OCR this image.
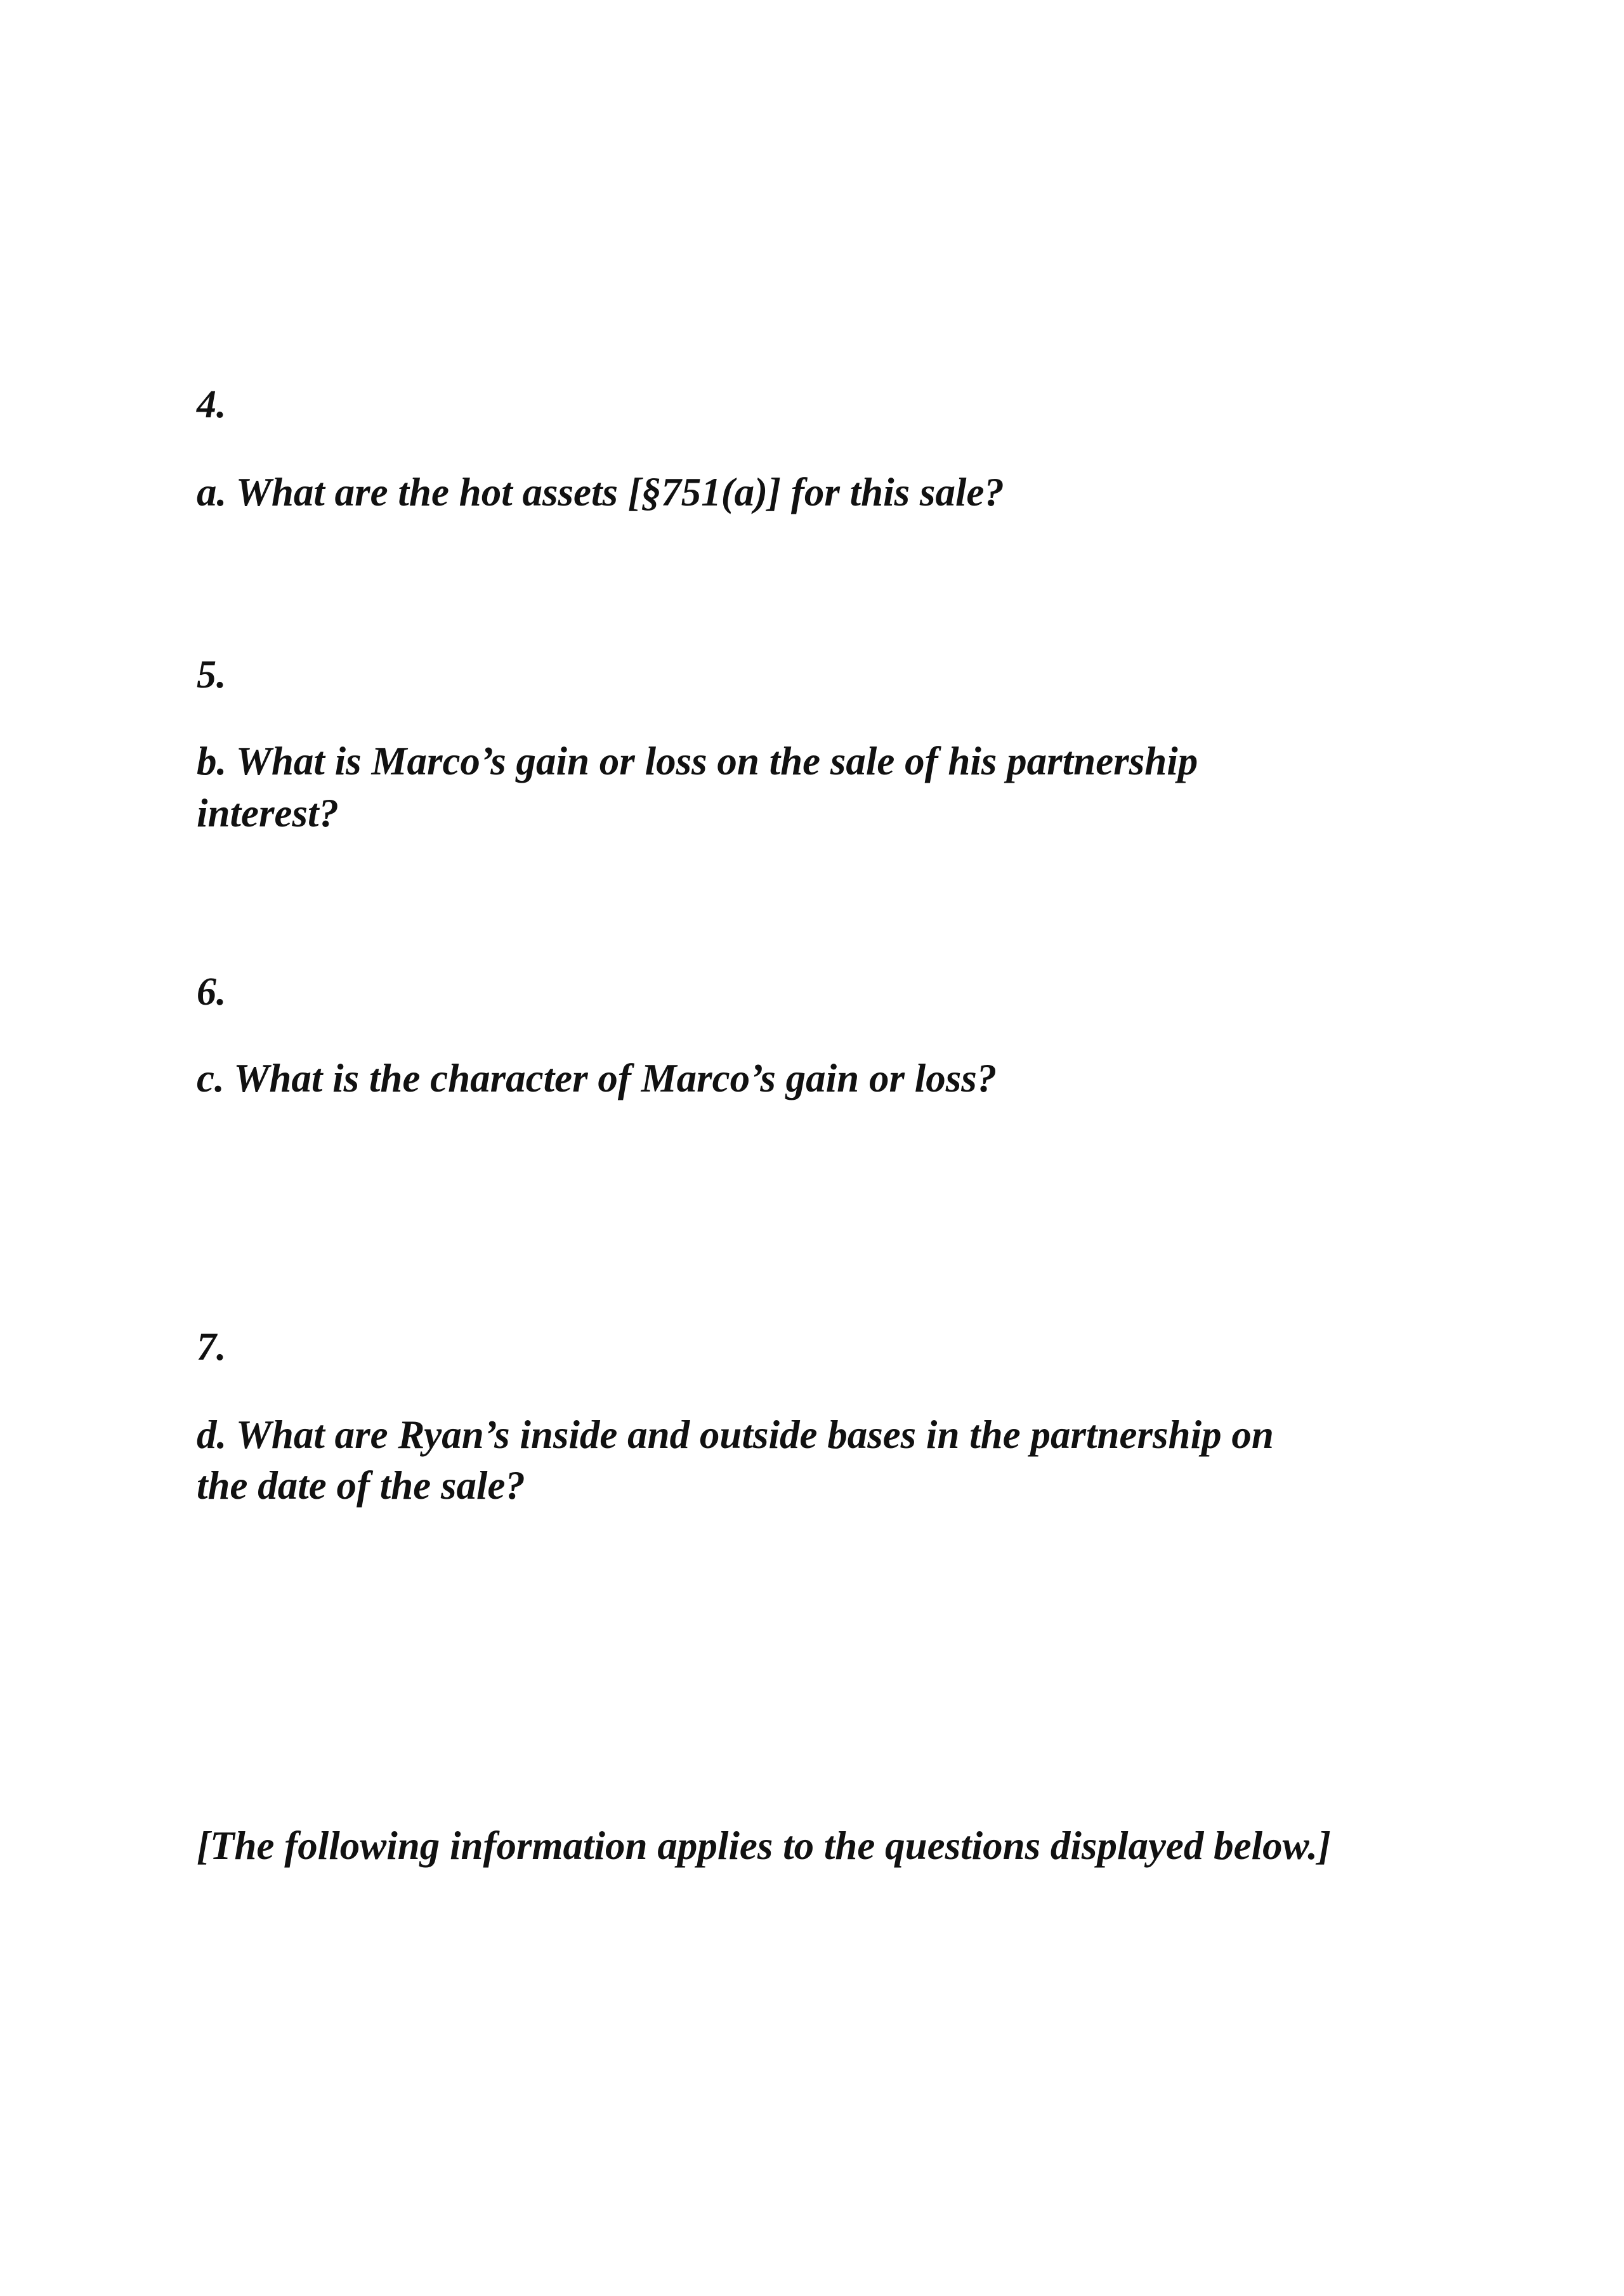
4.
a. What are the hot assets [§751(a)] for this sale?
5.
b. What is Marco’s gain or loss on the sale of his partnership
interest?
6.
c. What is the character of Marco’s gain or loss?
7.
d. What are Ryan’s inside and outside bases in the partnership on
the date of the sale?
[The following information applies to the questions displayed below.]
